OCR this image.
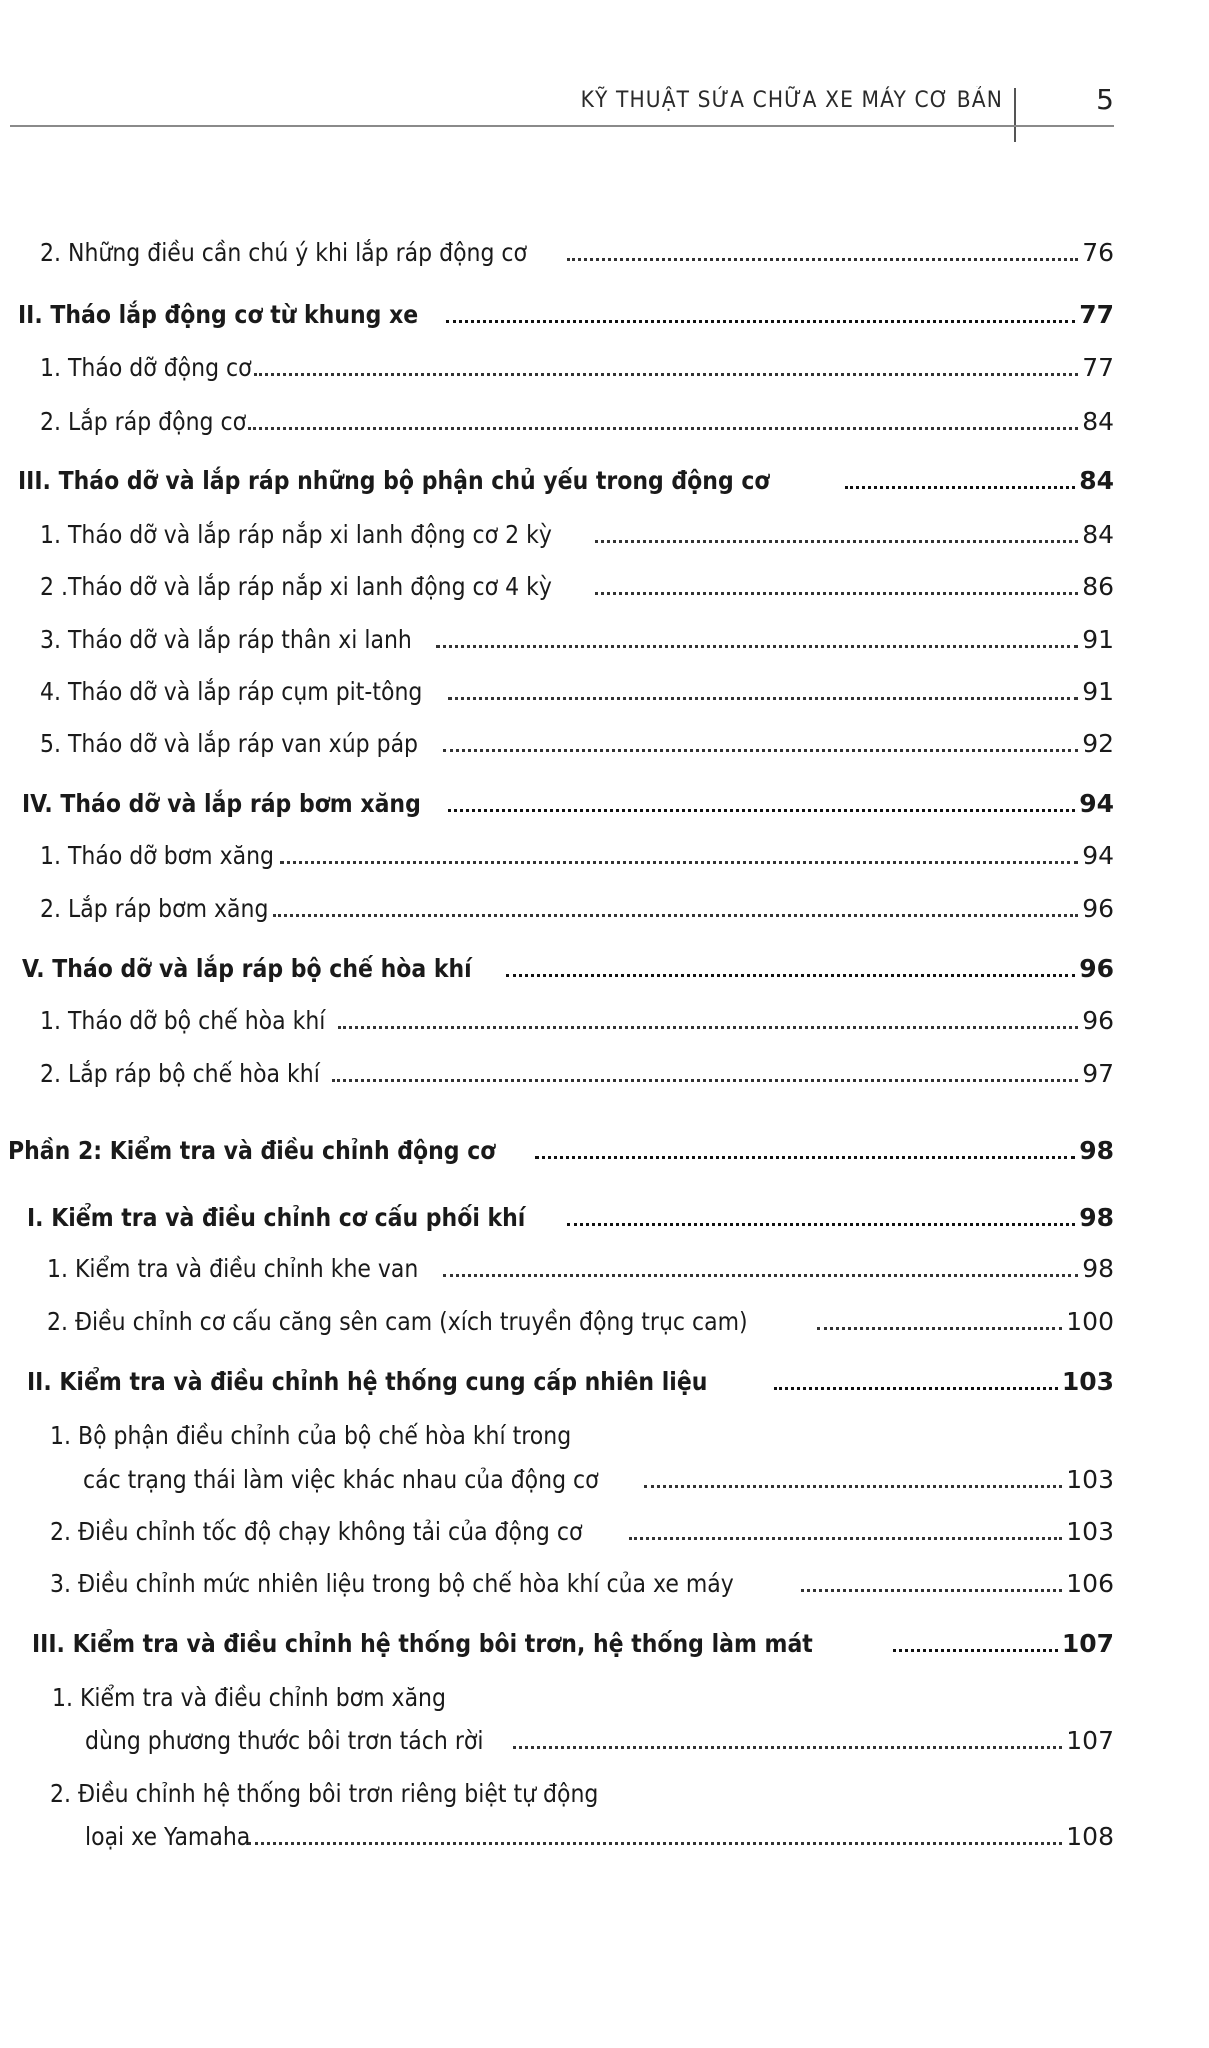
KỸ THUẬT SỬA CHỮA XE MÁY CƠ BẢN	5
2. Những điều cần chú ý khi lắp ráp động cơ	76
II. Tháo lắp động cơ từ khung xe	77
1. Tháo dỡ động cơ	77
2. Lắp ráp động cơ	84
III. Tháo dỡ và lắp ráp những bộ phận chủ yếu trong động cơ	84
1. Tháo dỡ và lắp ráp nắp xi lanh động cơ 2 kỳ	84
2 .Tháo dỡ và lắp ráp nắp xi lanh động cơ 4 kỳ	86
3. Tháo dỡ và lắp ráp thân xi lanh	91
4. Tháo dỡ và lắp ráp cụm pit-tông	91
5. Tháo dỡ và lắp ráp van xúp páp	92
IV. Tháo dỡ và lắp ráp bơm xăng	94
1. Tháo dỡ bơm xăng	94
2. Lắp ráp bơm xăng	96
V. Tháo dỡ và lắp ráp bộ chế hòa khí	96
1. Tháo dỡ bộ chế hòa khí	96
2. Lắp ráp bộ chế hòa khí	97
Phần 2: Kiểm tra và điều chỉnh động cơ	98
I. Kiểm tra và điều chỉnh cơ cấu phối khí	98
1. Kiểm tra và điều chỉnh khe van	98
2. Điều chỉnh cơ cấu căng sên cam (xích truyền động trục cam)	100
II. Kiểm tra và điều chỉnh hệ thống cung cấp nhiên liệu	103
1. Bộ phận điều chỉnh của bộ chế hòa khí trong
các trạng thái làm việc khác nhau của động cơ	103
2. Điều chỉnh tốc độ chạy không tải của động cơ	103
3. Điều chỉnh mức nhiên liệu trong bộ chế hòa khí của xe máy	106
III. Kiểm tra và điều chỉnh hệ thống bôi trơn, hệ thống làm mát	107
1. Kiểm tra và điều chỉnh bơm xăng
dùng phương thước bôi trơn tách rời	107
2. Điều chỉnh hệ thống bôi trơn riêng biệt tự động
loại xe Yamaha	108
